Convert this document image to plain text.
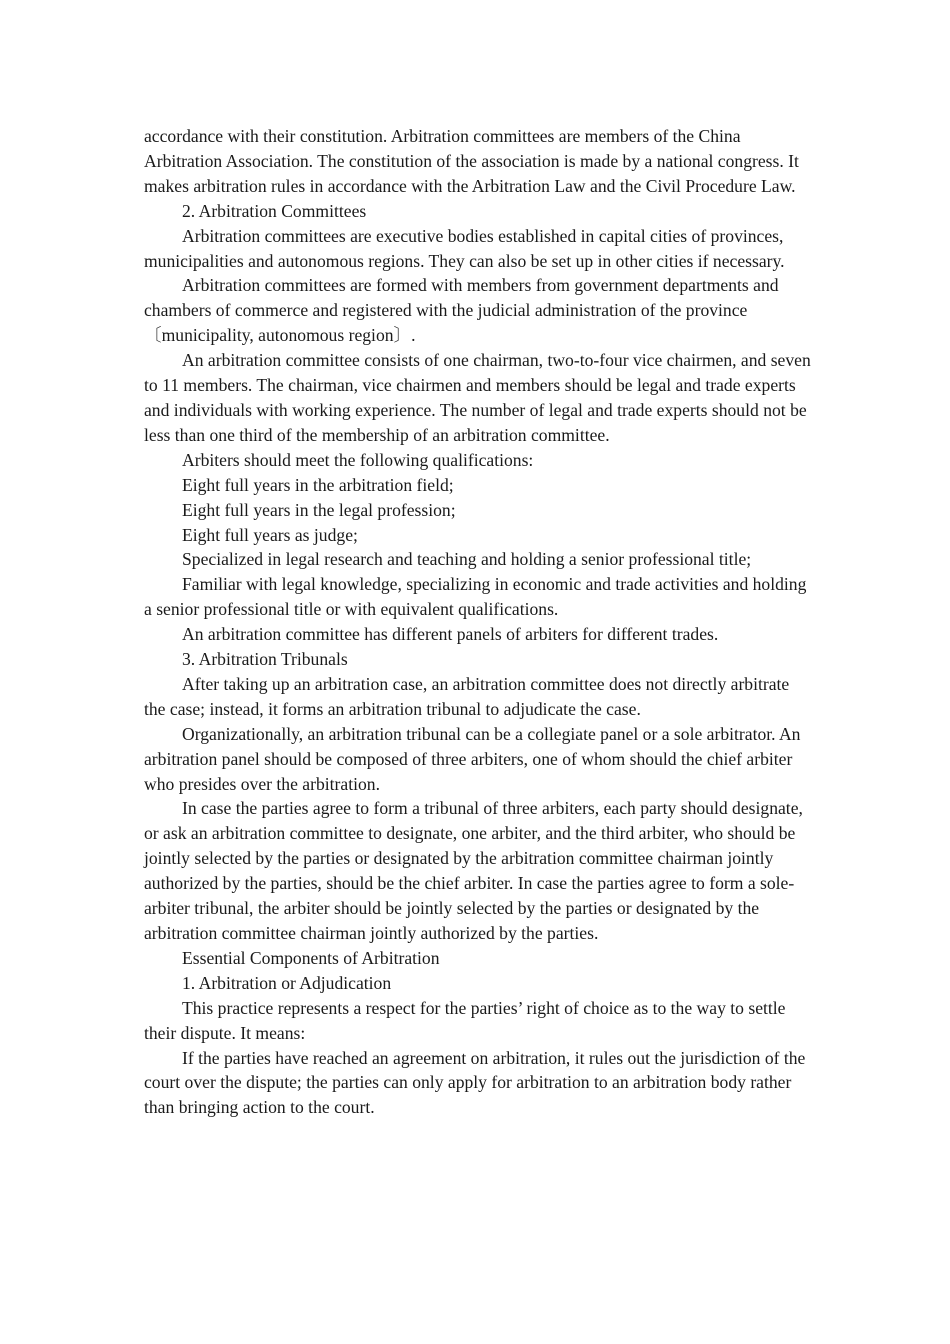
accordance with their constitution. Arbitration committees are members of the China Arbitration Association. The constitution of the association is made by a national congress. It makes arbitration rules in accordance with the Arbitration Law and the Civil Procedure Law.

2. Arbitration Committees

Arbitration committees are executive bodies established in capital cities of provinces, municipalities and autonomous regions. They can also be set up in other cities if necessary.

Arbitration committees are formed with members from government departments and chambers of commerce and registered with the judicial administration of the province 〔municipality, autonomous region〕.

An arbitration committee consists of one chairman, two-to-four vice chairmen, and seven to 11 members. The chairman, vice chairmen and members should be legal and trade experts and individuals with working experience. The number of legal and trade experts should not be less than one third of the membership of an arbitration committee.

Arbiters should meet the following qualifications:

Eight full years in the arbitration field;

Eight full years in the legal profession;

Eight full years as judge;

Specialized in legal research and teaching and holding a senior professional title;

Familiar with legal knowledge, specializing in economic and trade activities and holding a senior professional title or with equivalent qualifications.

An arbitration committee has different panels of arbiters for different trades.

3. Arbitration Tribunals

After taking up an arbitration case, an arbitration committee does not directly arbitrate the case; instead, it forms an arbitration tribunal to adjudicate the case.

Organizationally, an arbitration tribunal can be a collegiate panel or a sole arbitrator. An arbitration panel should be composed of three arbiters, one of whom should the chief arbiter who presides over the arbitration.

In case the parties agree to form a tribunal of three arbiters, each party should designate, or ask an arbitration committee to designate, one arbiter, and the third arbiter, who should be jointly selected by the parties or designated by the arbitration committee chairman jointly authorized by the parties, should be the chief arbiter. In case the parties agree to form a sole-arbiter tribunal, the arbiter should be jointly selected by the parties or designated by the arbitration committee chairman jointly authorized by the parties.

Essential Components of Arbitration

1. Arbitration or Adjudication

This practice represents a respect for the parties’ right of choice as to the way to settle their dispute. It means:

If the parties have reached an agreement on arbitration, it rules out the jurisdiction of the court over the dispute; the parties can only apply for arbitration to an arbitration body rather than bringing action to the court.
